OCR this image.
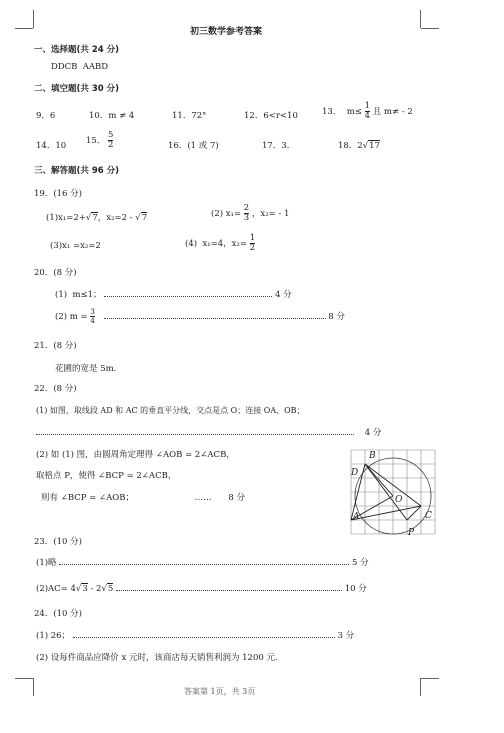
初三数学参考答案
一、选择题(共 24 分)
DDCB  AABD
二、填空题(共 30 分)
9．6	10．m ≠ 4	11．72°	12．6<r<10	13．  $m\le \frac{1}{4}$ 且 m≠ - 2
14．10 15． $\frac{5}{2}$	16．(1 或 7)	17．3．	18．2√17
三、解答题(共 96 分)
19．(16 分)
(1)x₁=2+√7，x₂=2 - √7	(2) $x_1= \frac{2}{3}$ ，x₂= - 1
(3)x₁ =x₂=2	(4)  x₁=4，$x_2= \frac{1}{2}$
20．(8 分)
(1)  m≤1；	4 分
(2) $m = \frac{3}{4}$	8 分
21．(8 分)
花圃的宽是 5m.
22．(8 分)
(1) 如图，取线段 AD 和 AC 的垂直平分线，交点是点 O；连接 OA、OB；
4 分
(2) 如 (1) 图，由圆周角定理得 ∠AOB = 2∠ACB，
取格点 P，使得 ∠BCP = 2∠ACB，
则有 ∠BCP = ∠AOB；	…… 8 分
B
D
O
A	C
P
23．(10 分)
(1)略	5 分
(2)AC= 4√3 - 2√5	10 分
24．(10 分)
(1) 26；	3 分
(2) 设每件商品应降价 x 元时，该商店每天销售利润为 1200 元.
答案第 1页，共 3页
